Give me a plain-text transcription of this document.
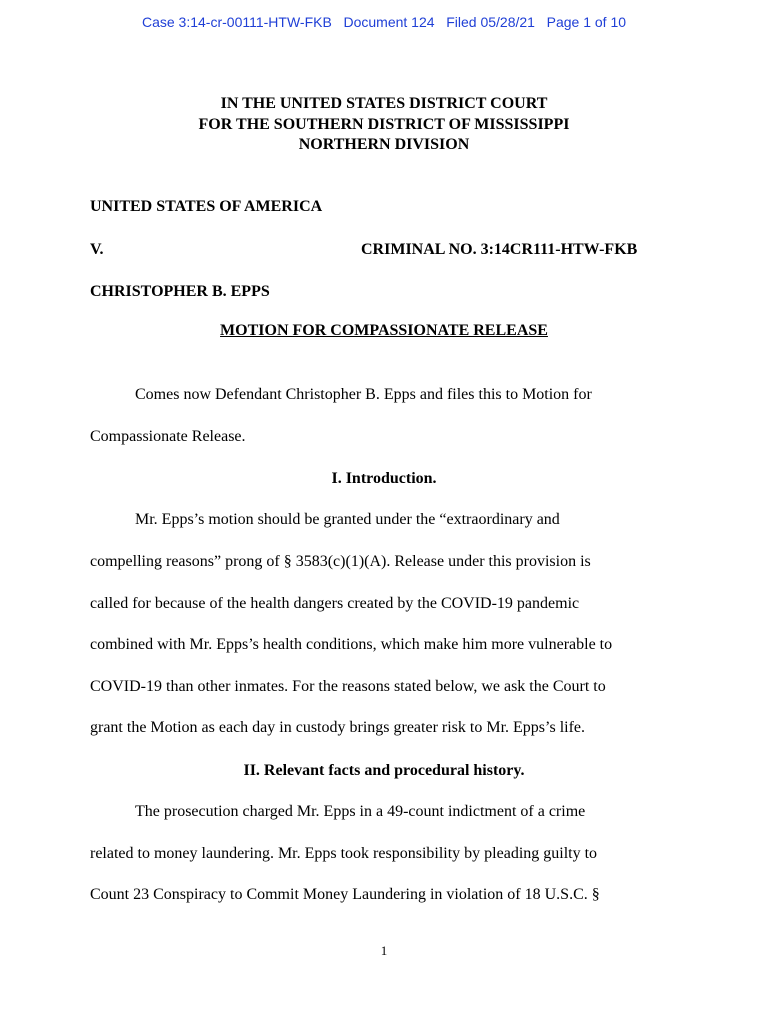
Case 3:14-cr-00111-HTW-FKB   Document 124   Filed 05/28/21   Page 1 of 10
IN THE UNITED STATES DISTRICT COURT
FOR THE SOUTHERN DISTRICT OF MISSISSIPPI
NORTHERN DIVISION
UNITED STATES OF AMERICA
V.	CRIMINAL NO. 3:14CR111-HTW-FKB
CHRISTOPHER B. EPPS
MOTION FOR COMPASSIONATE RELEASE
Comes now Defendant Christopher B. Epps and files this to Motion for
Compassionate Release.
I. Introduction.
Mr. Epps’s motion should be granted under the “extraordinary and
compelling reasons” prong of § 3583(c)(1)(A). Release under this provision is
called for because of the health dangers created by the COVID-19 pandemic
combined with Mr. Epps’s health conditions, which make him more vulnerable to
COVID-19 than other inmates. For the reasons stated below, we ask the Court to
grant the Motion as each day in custody brings greater risk to Mr. Epps’s life.
II. Relevant facts and procedural history.
The prosecution charged Mr. Epps in a 49-count indictment of a crime
related to money laundering. Mr. Epps took responsibility by pleading guilty to
Count 23 Conspiracy to Commit Money Laundering in violation of 18 U.S.C. §
1
